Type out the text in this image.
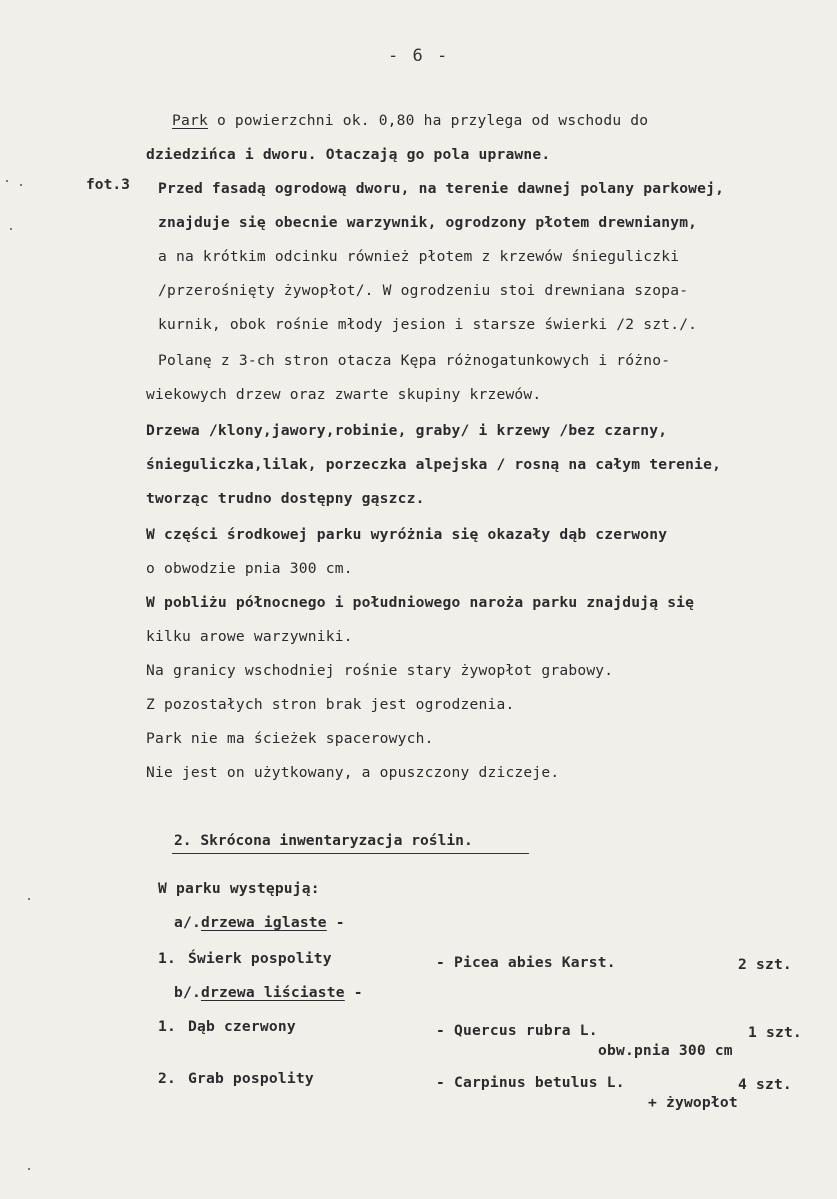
- 6 -
Park o powierzchni ok. 0,80 ha przylega od wschodu do
dziedzińca i dworu. Otaczają go pola uprawne.
fot.3 Przed fasadą ogrodową dworu, na terenie dawnej polany parkowej,
znajduje się obecnie warzywnik, ogrodzony płotem drewnianym,
a na krótkim odcinku również płotem z krzewów śnieguliczki
/przerośnięty żywopłot/. W ogrodzeniu stoi drewniana szopa-
kurnik, obok rośnie młody jesion i starsze świerki /2 szt./.
Polanę z 3-ch stron otacza Kępa różnogatunkowych i różno-
wiekowych drzew oraz zwarte skupiny krzewów.
Drzewa /klony,jawory,robinie, graby/ i krzewy /bez czarny,
śnieguliczka,lilak, porzeczka alpejska / rosną na całym terenie,
tworząc trudno dostępny gąszcz.
W części środkowej parku wyróżnia się okazały dąb czerwony
o obwodzie pnia 300 cm.
W pobliżu północnego i południowego naroża parku znajdują się
kilku arowe warzywniki.
Na granicy wschodniej rośnie stary żywopłot grabowy.
Z pozostałych stron brak jest ogrodzenia.
Park nie ma ścieżek spacerowych.
Nie jest on użytkowany, a opuszczony dziczeje.
2. Skrócona inwentaryzacja roślin.
W parku występują:
a/.drzewa iglaste -
1. Świerk pospolity	- Picea abies Karst.	2 szt.
b/.drzewa liściaste -
1. Dąb czerwony	- Quercus rubra L.	1 szt.
obw.pnia 300 cm
2. Grab pospolity	- Carpinus betulus L.	4 szt.
+ żywopłot
